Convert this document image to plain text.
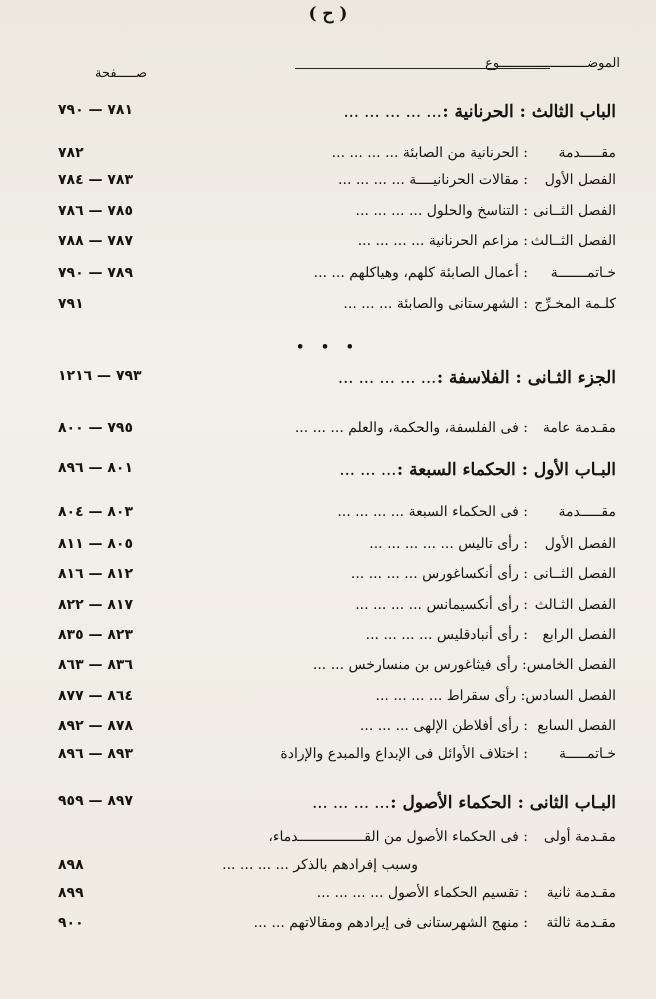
( ح )
الموضـــــــــــــــــــــــوع
صـــــفحة
• • •
٧٨١ — ٧٩٠	الباب الثالث : الحرنانية :... ... ... ... ...
٧٨٢	مقـــــدمة: الحرنانية من الصابئة ... ... ... ...
٧٨٣ — ٧٨٤	الفصل الأول: مقالات الحرنانيــــة ... ... ... ...
٧٨٥ — ٧٨٦	الفصل الثــانى: التناسخ والحلول ... ... ... ...
٧٨٧ — ٧٨٨	الفصل الثــالث: مزاعم الحرنانية ... ... ... ...
٧٨٩ — ٧٩٠	خـاتمـــــــة: أعمال الصابئة كلهم، وهياكلهم ... ...
٧٩١	كلـمة المخـرِّج: الشهرستانى والصابئة ... ... ...
٧٩٣ — ١٢١٦	الجزء الثـانى : الفلاسفة :... ... ... ... ...
٧٩٥ — ٨٠٠	مقـدمة عامة: فى الفلسفة، والحكمة، والعلم ... ... ...
٨٠١ — ٨٩٦	البـاب الأول : الحكماء السبعة :... ... ...
٨٠٣ — ٨٠٤	مقـــــدمة: فى الحكماء السبعة ... ... ... ...
٨٠٥ — ٨١١	الفصل الأول: رأى تاليس ... ... ... ... ...
٨١٢ — ٨١٦	الفصل الثــانى: رأى أنكساغورس ... ... ... ...
٨١٧ — ٨٢٢	الفصل الثـالث: رأى أنكسيمانس ... ... ... ...
٨٢٣ — ٨٣٥	الفصل الرابع: رأى أنبادقليس ... ... ... ...
٨٣٦ — ٨٦٣	الفصل الخامس: رأى فيثاغورس بن منسارخس ... ...
٨٦٤ — ٨٧٧	الفصل السادس: رأى سقراط ... ... ... ...
٨٧٨ — ٨٩٢	الفصل السابع: رأى أفلاطن الإلهى ... ... ...
٨٩٣ — ٨٩٦	خـاتمـــــة: اختلاف الأوائل فى الإبداع والمبدع والإرادة
٨٩٧ — ٩٥٩	البـاب الثانى : الحكماء الأصول :... ... ... ...
مقـدمة أولى: فى الحكماء الأصول من القــــــــــــــــدماء،
٨٩٨	وسبب إفرادهم بالذكر ... ... ... ...
٨٩٩	مقـدمة ثانية: تقسيم الحكماء الأصول ... ... ... ...
٩٠٠	مقـدمة ثالثة: منهج الشهرستانى فى إيرادهم ومقالاتهم ... ...
